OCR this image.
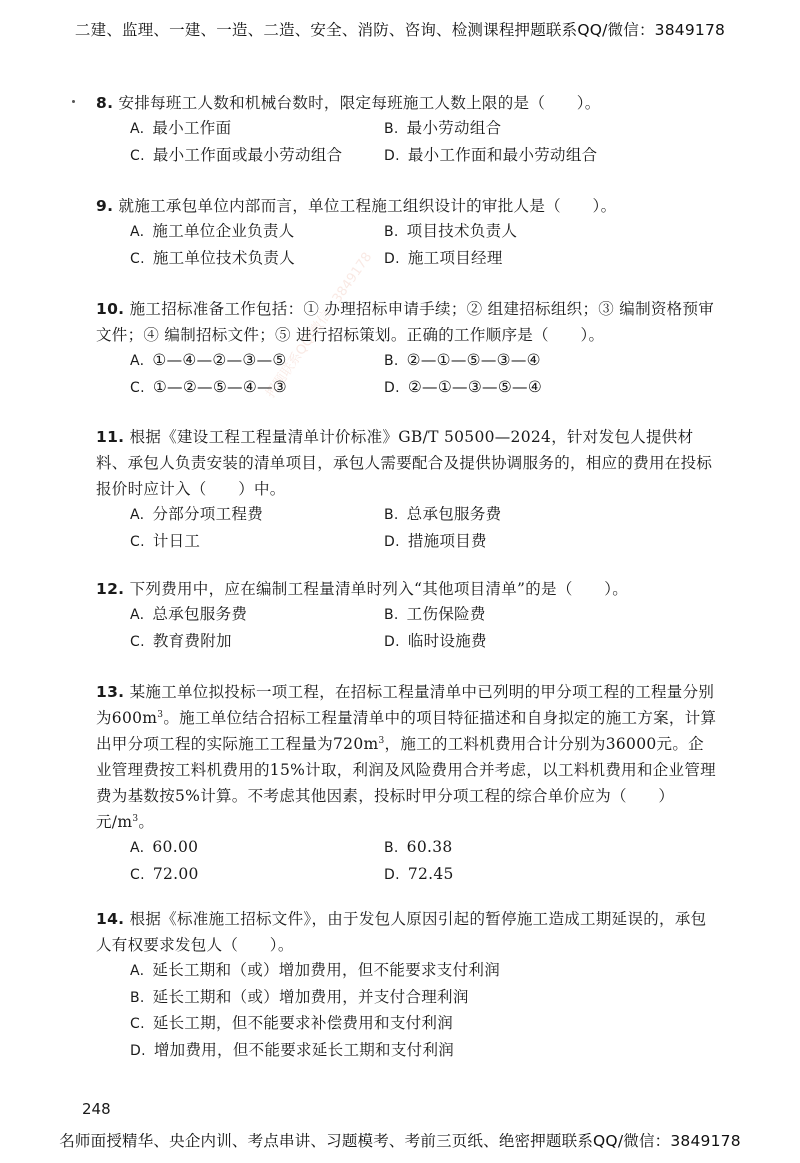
二建、监理、一建、一造、二造、安全、消防、咨询、检测课程押题联系QQ/微信：3849178
押题联系QQ/微信：3849178

8. 安排每班工人数和机械台数时，限定每班施工人数上限的是（　　）。

A. 最小工作面	B. 最小劳动组合
C. 最小工作面或最小劳动组合	D. 最小工作面和最小劳动组合

9. 就施工承包单位内部而言，单位工程施工组织设计的审批人是（　　）。

A. 施工单位企业负责人	B. 项目技术负责人
C. 施工单位技术负责人	D. 施工项目经理

10. 施工招标准备工作包括：① 办理招标申请手续；② 组建招标组织；③ 编制资格预审文件；④ 编制招标文件；⑤ 进行招标策划。正确的工作顺序是（　　）。

A. ①—④—②—③—⑤	B. ②—①—⑤—③—④
C. ①—②—⑤—④—③	D. ②—①—③—⑤—④

11. 根据《建设工程工程量清单计价标准》GB/T 50500—2024，针对发包人提供材料、承包人负责安装的清单项目，承包人需要配合及提供协调服务的，相应的费用在投标报价时应计入（　　）中。

A. 分部分项工程费	B. 总承包服务费
C. 计日工	D. 措施项目费

12. 下列费用中，应在编制工程量清单时列入“其他项目清单”的是（　　）。

A. 总承包服务费	B. 工伤保险费
C. 教育费附加	D. 临时设施费

13. 某施工单位拟投标一项工程，在招标工程量清单中已列明的甲分项工程的工程量分别为$600m^3$。施工单位结合招标工程量清单中的项目特征描述和自身拟定的施工方案，计算出甲分项工程的实际施工工程量为$720m^3$，施工的工料机费用合计分别为36000元。企业管理费按工料机费用的15%计取，利润及风险费用合并考虑，以工料机费用和企业管理费为基数按5%计算。不考虑其他因素，投标时甲分项工程的综合单价应为（　　）元$/m^3$。

A. 60.00	B. 60.38
C. 72.00	D. 72.45

14. 根据《标准施工招标文件》，由于发包人原因引起的暂停施工造成工期延误的，承包人有权要求发包人（　　）。

A. 延长工期和（或）增加费用，但不能要求支付利润
B. 延长工期和（或）增加费用，并支付合理利润
C. 延长工期，但不能要求补偿费用和支付利润
D. 增加费用，但不能要求延长工期和支付利润
248
名师面授精华、央企内训、考点串讲、习题模考、考前三页纸、绝密押题联系QQ/微信：3849178
